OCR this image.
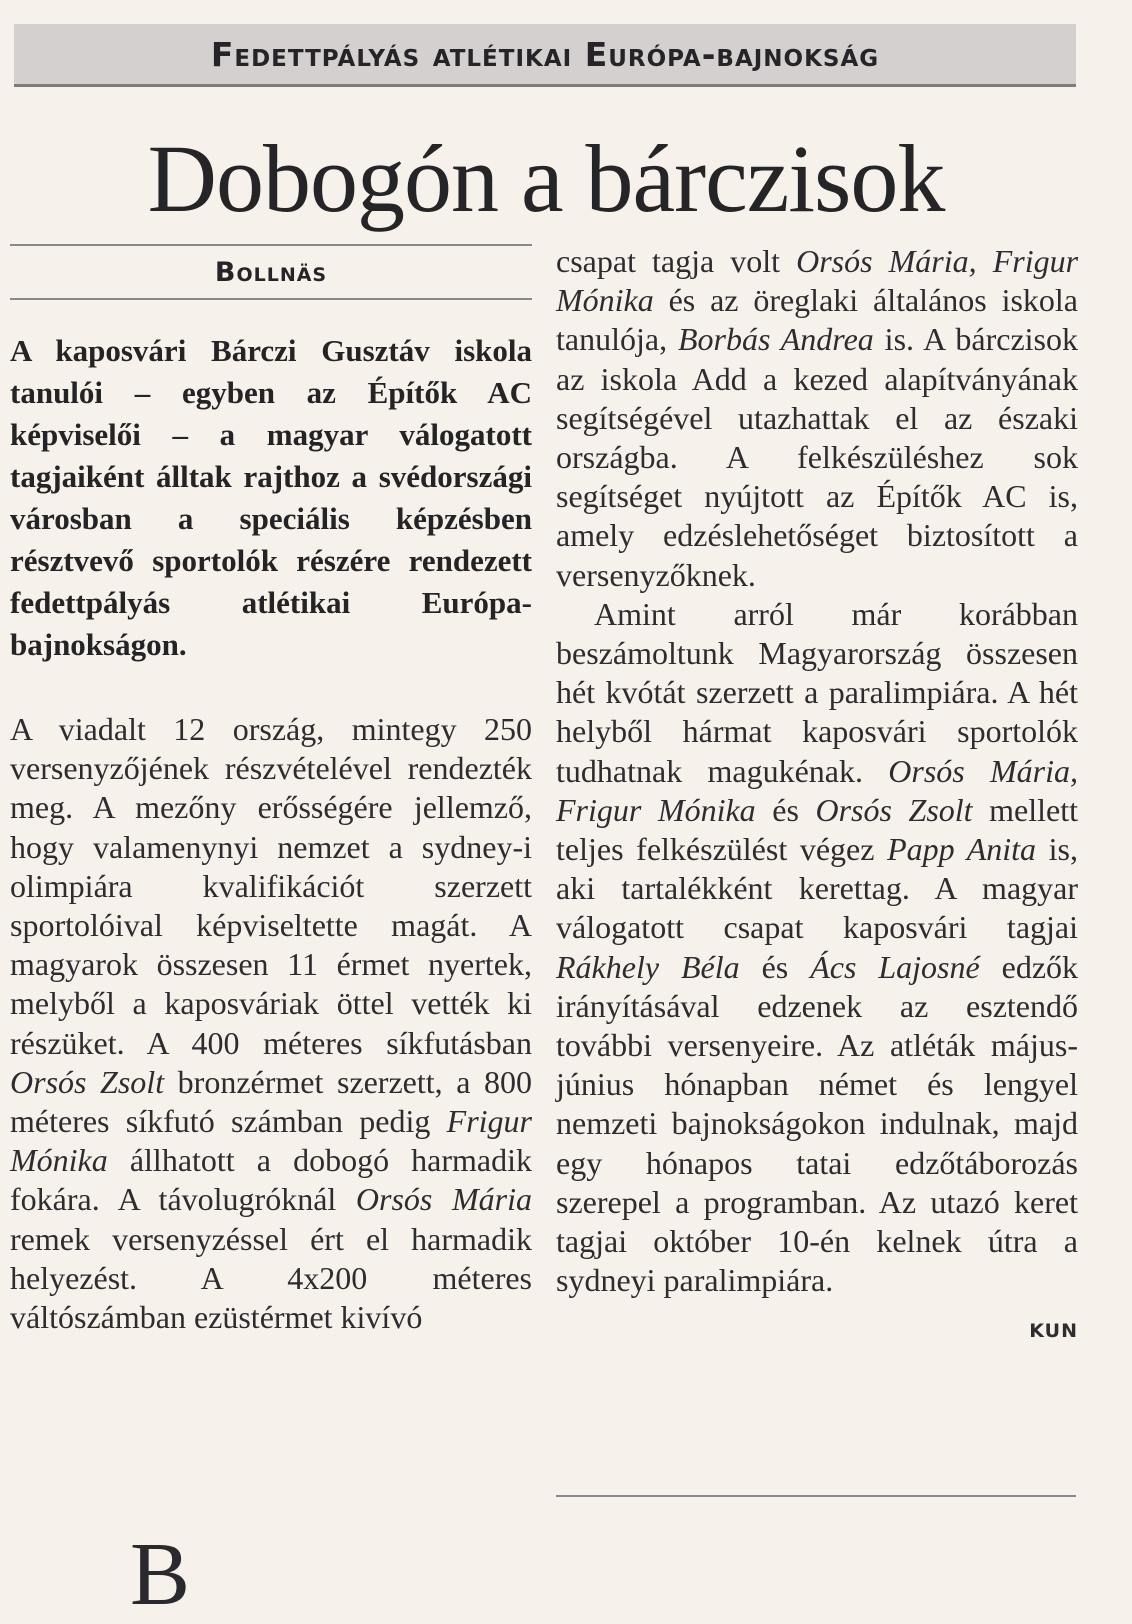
Fedettpályás atlétikai Európa-bajnokság
Dobogón a bárczisok
Bollnäs

A kaposvári Bárczi Gusztáv iskola tanulói – egyben az Építők AC képviselői – a magyar válogatott tagjaiként álltak rajthoz a svédországi városban a speciális képzésben résztvevő sportolók részére rendezett fedettpályás atlétikai Európa-bajnokságon.

A viadalt 12 ország, mintegy 250 versenyzőjének részvételével rendezték meg. A mezőny erősségére jellemző, hogy valamenynyi nemzet a sydney-i olimpiára kvalifikációt szerzett sportolóival képviseltette magát. A magyarok összesen 11 érmet nyertek, melyből a kaposváriak öttel vették ki részüket. A 400 méteres síkfutásban Orsós Zsolt bronzérmet szerzett, a 800 méteres síkfutó számban pedig Frigur Mónika állhatott a dobogó harmadik fokára. A távolugróknál Orsós Mária remek versenyzéssel ért el harmadik helyezést. A 4x200 méteres váltószámban ezüstérmet kivívó

csapat tagja volt Orsós Mária, Frigur Mónika és az öreglaki általános iskola tanulója, Borbás Andrea is. A bárczisok az iskola Add a kezed alapítványának segítségével utazhattak el az északi országba. A felkészüléshez sok segítséget nyújtott az Építők AC is, amely edzéslehetőséget biztosított a versenyzőknek.

Amint arról már korábban beszámoltunk Magyarország összesen hét kvótát szerzett a paralimpiára. A hét helyből hármat kaposvári sportolók tudhatnak magukénak. Orsós Mária, Frigur Mónika és Orsós Zsolt mellett teljes felkészülést végez Papp Anita is, aki tartalékként kerettag. A magyar válogatott csapat kaposvári tagjai Rákhely Béla és Ács Lajosné edzők irányításával edzenek az esztendő további versenyeire. Az atléták május-június hónapban német és lengyel nemzeti bajnokságokon indulnak, majd egy hónapos tatai edzőtáborozás szerepel a programban. Az utazó keret tagjai október 10-én kelnek útra a sydneyi paralimpiára.

KUN
B
